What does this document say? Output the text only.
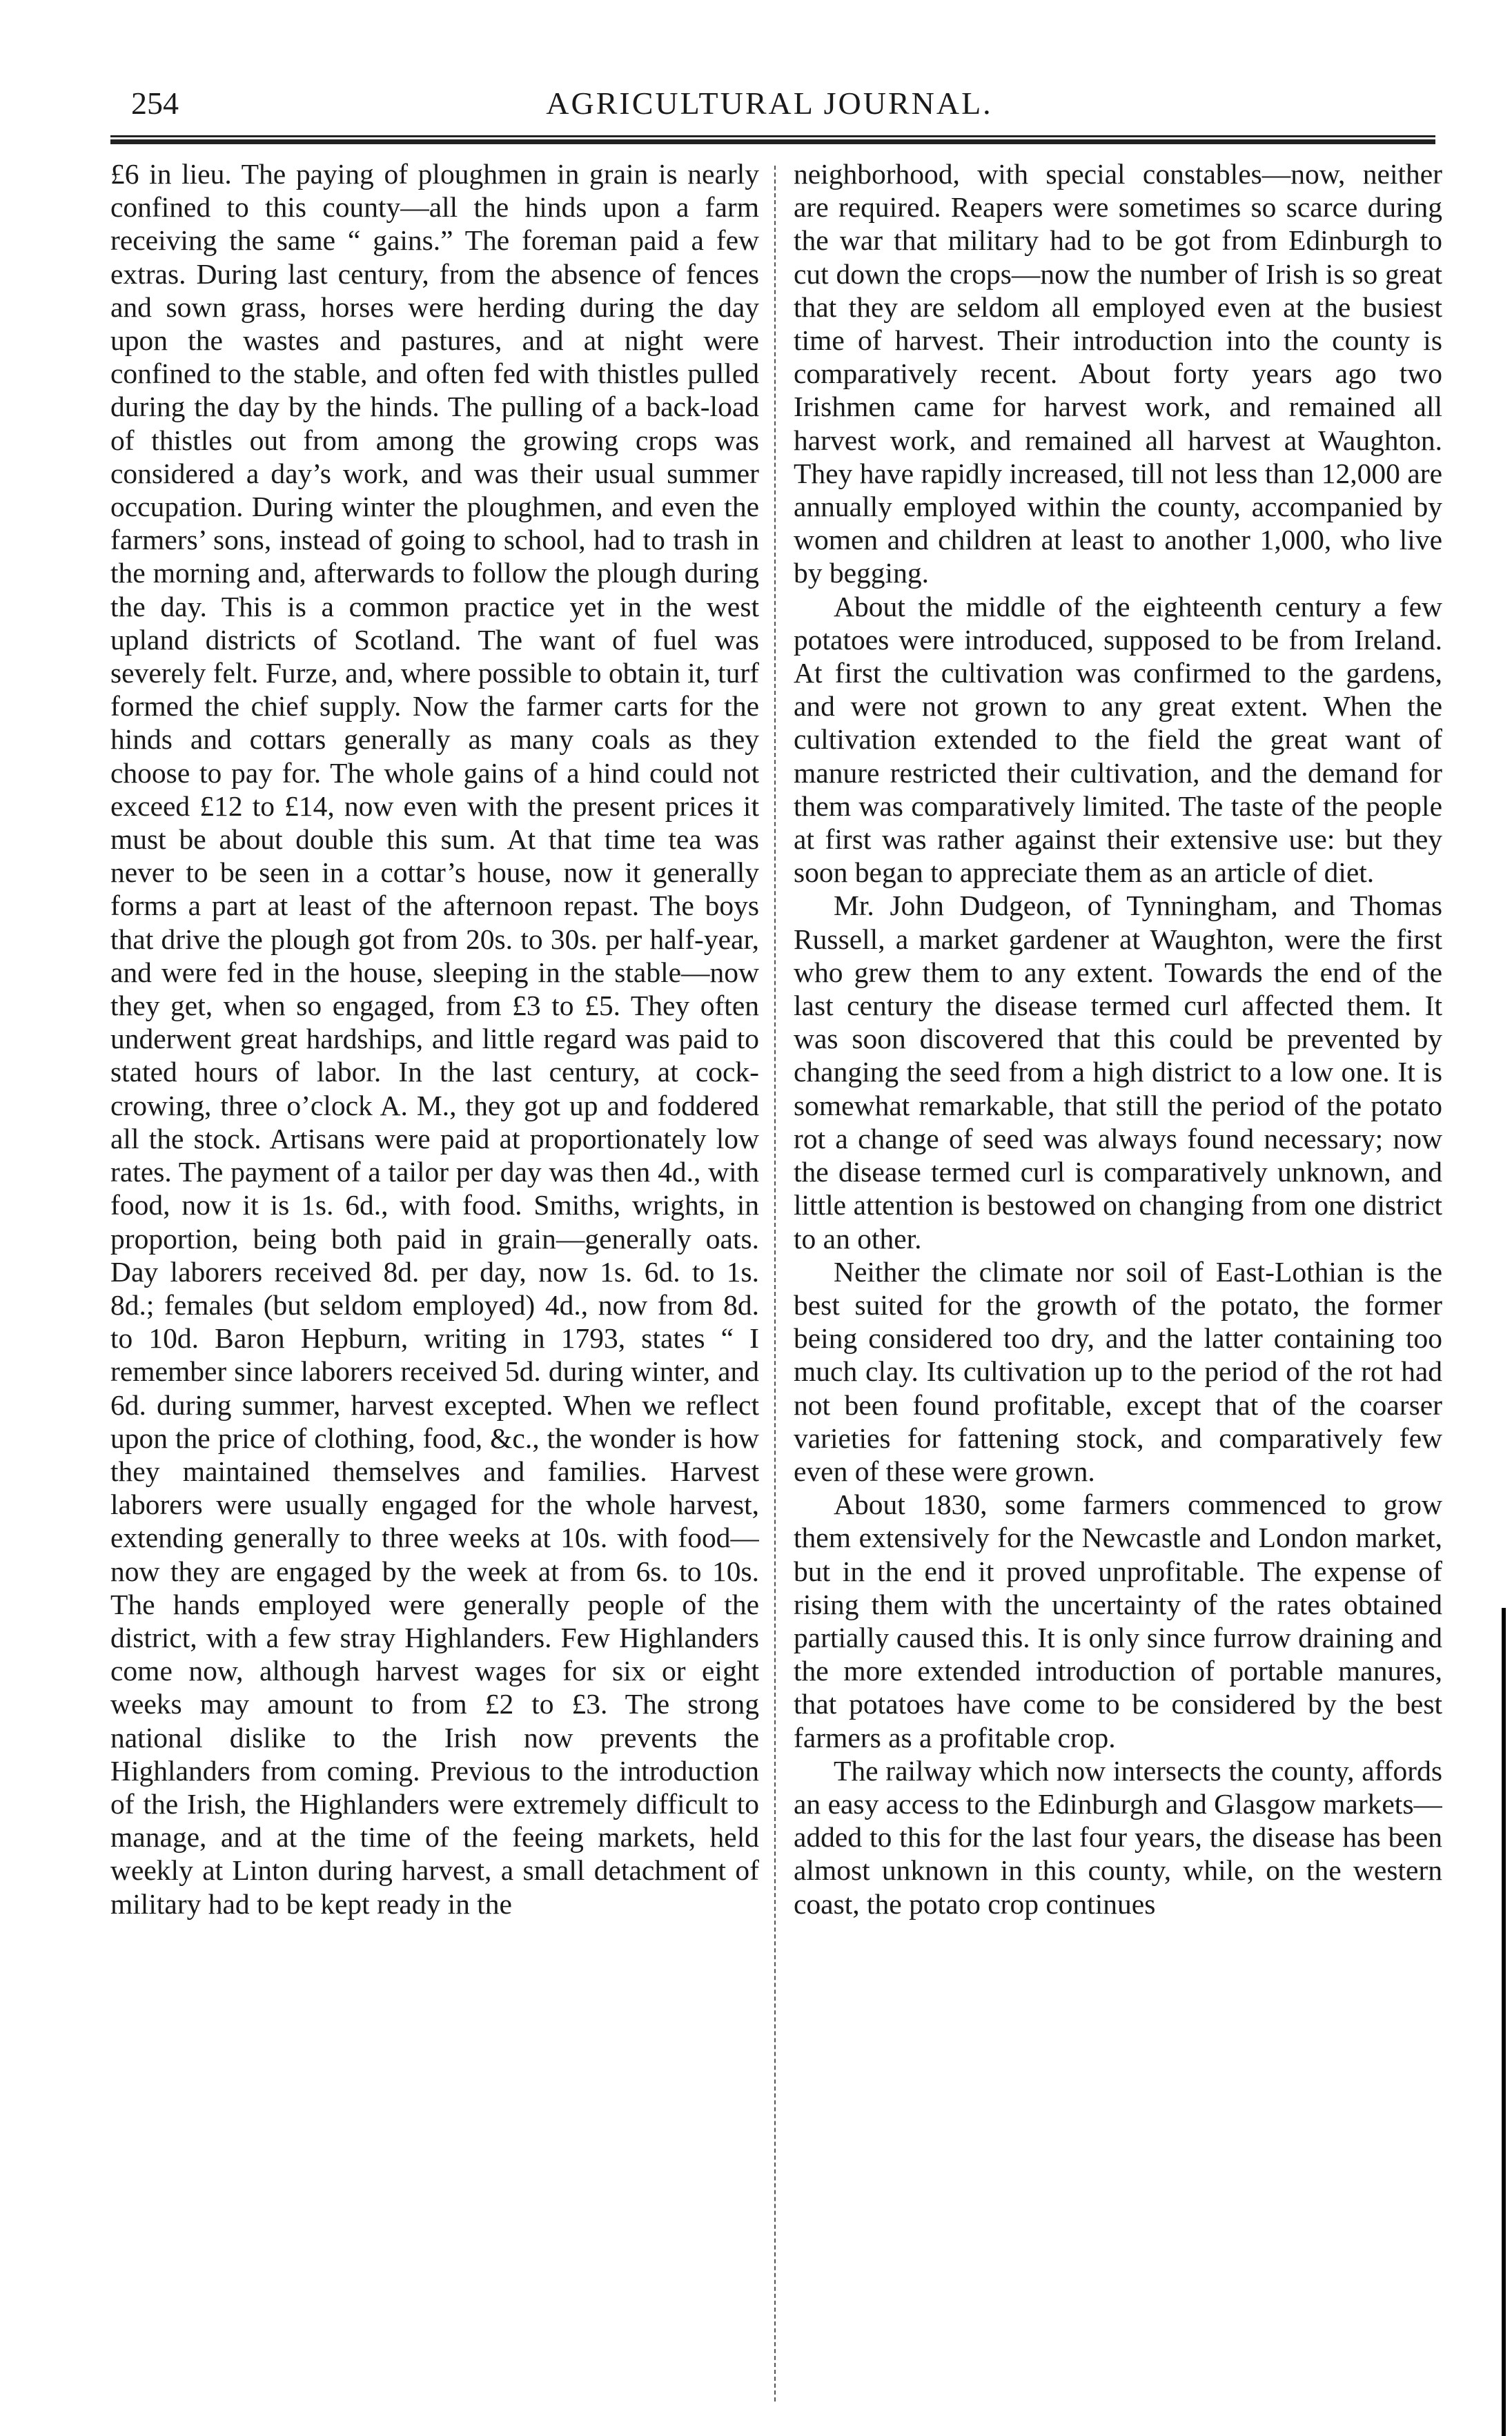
254	AGRICULTURAL JOURNAL.

£6 in lieu. The paying of ploughmen in grain is nearly confined to this county—all the hinds upon a farm receiving the same “ gains.” The foreman paid a few extras. During last century, from the absence of fences and sown grass, horses were herding during the day upon the wastes and pastures, and at night were confined to the stable, and often fed with thistles pulled during the day by the hinds. The pulling of a back-load of thistles out from among the growing crops was considered a day’s work, and was their usual summer occupation. During winter the ploughmen, and even the farmers’ sons, instead of going to school, had to trash in the morning and, afterwards to follow the plough during the day. This is a common practice yet in the west upland districts of Scotland. The want of fuel was severely felt. Furze, and, where possible to obtain it, turf formed the chief supply. Now the farmer carts for the hinds and cottars generally as many coals as they choose to pay for. The whole gains of a hind could not exceed £12 to £14, now even with the present prices it must be about double this sum. At that time tea was never to be seen in a cottar’s house, now it generally forms a part at least of the afternoon repast. The boys that drive the plough got from 20s. to 30s. per half-year, and were fed in the house, sleeping in the stable—now they get, when so engaged, from £3 to £5. They often underwent great hardships, and little regard was paid to stated hours of labor. In the last century, at cock-crowing, three o’clock A. M., they got up and foddered all the stock. Artisans were paid at proportionately low rates. The payment of a tailor per day was then 4d., with food, now it is 1s. 6d., with food. Smiths, wrights, in proportion, being both paid in grain—generally oats. Day laborers received 8d. per day, now 1s. 6d. to 1s. 8d.; females (but seldom employed) 4d., now from 8d. to 10d. Baron Hepburn, writing in 1793, states “ I remember since laborers received 5d. during winter, and 6d. during summer, harvest excepted. When we reflect upon the price of clothing, food, &c., the wonder is how they maintained themselves and families. Harvest laborers were usually engaged for the whole harvest, extending generally to three weeks at 10s. with food—now they are engaged by the week at from 6s. to 10s. The hands employed were generally people of the district, with a few stray Highlanders. Few Highlanders come now, although harvest wages for six or eight weeks may amount to from £2 to £3. The strong national dislike to the Irish now prevents the Highlanders from coming. Previous to the introduction of the Irish, the Highlanders were extremely difficult to manage, and at the time of the feeing markets, held weekly at Linton during harvest, a small detachment of military had to be kept ready in the

neighborhood, with special constables—now, neither are required. Reapers were sometimes so scarce during the war that military had to be got from Edinburgh to cut down the crops—now the number of Irish is so great that they are seldom all employed even at the busiest time of harvest. Their introduction into the county is comparatively recent. About forty years ago two Irishmen came for harvest work, and remained all harvest work, and remained all harvest at Waughton. They have rapidly increased, till not less than 12,000 are annually employed within the county, accompanied by women and children at least to another 1,000, who live by begging.

About the middle of the eighteenth century a few potatoes were introduced, supposed to be from Ireland. At first the cultivation was confirmed to the gardens, and were not grown to any great extent. When the cultivation extended to the field the great want of manure restricted their cultivation, and the demand for them was comparatively limited. The taste of the people at first was rather against their extensive use: but they soon began to appreciate them as an article of diet.

Mr. John Dudgeon, of Tynningham, and Thomas Russell, a market gardener at Waughton, were the first who grew them to any extent. Towards the end of the last century the disease termed curl affected them. It was soon discovered that this could be prevented by changing the seed from a high district to a low one. It is somewhat remarkable, that still the period of the potato rot a change of seed was always found necessary; now the disease termed curl is comparatively unknown, and little attention is bestowed on changing from one district to an other.

Neither the climate nor soil of East-Lothian is the best suited for the growth of the potato, the former being considered too dry, and the latter containing too much clay. Its cultivation up to the period of the rot had not been found profitable, except that of the coarser varieties for fattening stock, and comparatively few even of these were grown.

About 1830, some farmers commenced to grow them extensively for the Newcastle and London market, but in the end it proved unprofitable. The expense of rising them with the uncertainty of the rates obtained partially caused this. It is only since furrow draining and the more extended introduction of portable manures, that potatoes have come to be considered by the best farmers as a profitable crop.

The railway which now intersects the county, affords an easy access to the Edinburgh and Glasgow markets—added to this for the last four years, the disease has been almost unknown in this county, while, on the western coast, the potato crop continues
